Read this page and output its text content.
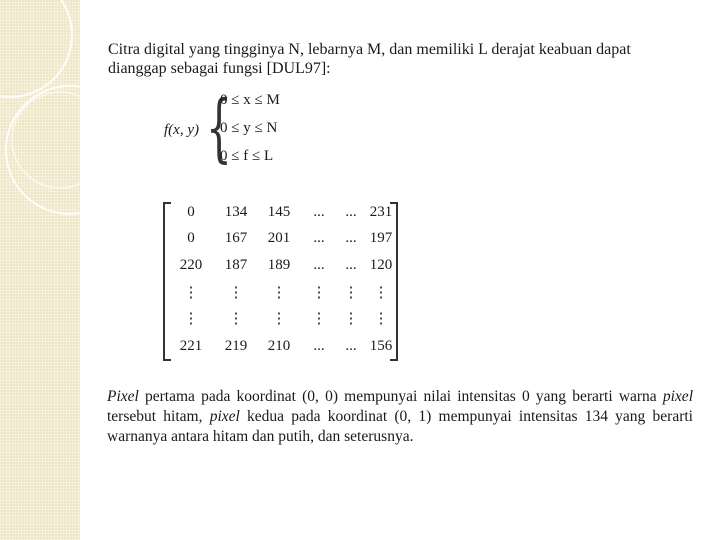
Citra digital yang tingginya N, lebarnya M, dan memiliki L derajat keabuan dapat
dianggap sebagai fungsi [DUL97]:
f(x, y) {
0 ≤ x ≤ M
0 ≤ y ≤ N
0 ≤ f ≤ L
0	134	145	...	... 231
0	167	201	...	... 197
220	187	189	...	... 120
⋮	⋮	⋮	⋮	⋮	⋮
⋮	⋮	⋮	⋮	⋮	⋮
221	219	210	...	... 156
Pixel pertama pada koordinat (0, 0) mempunyai nilai intensitas 0 yang berarti warna pixel tersebut hitam, pixel kedua pada koordinat (0, 1) mempunyai intensitas 134 yang berarti warnanya antara hitam dan putih, dan seterusnya.
